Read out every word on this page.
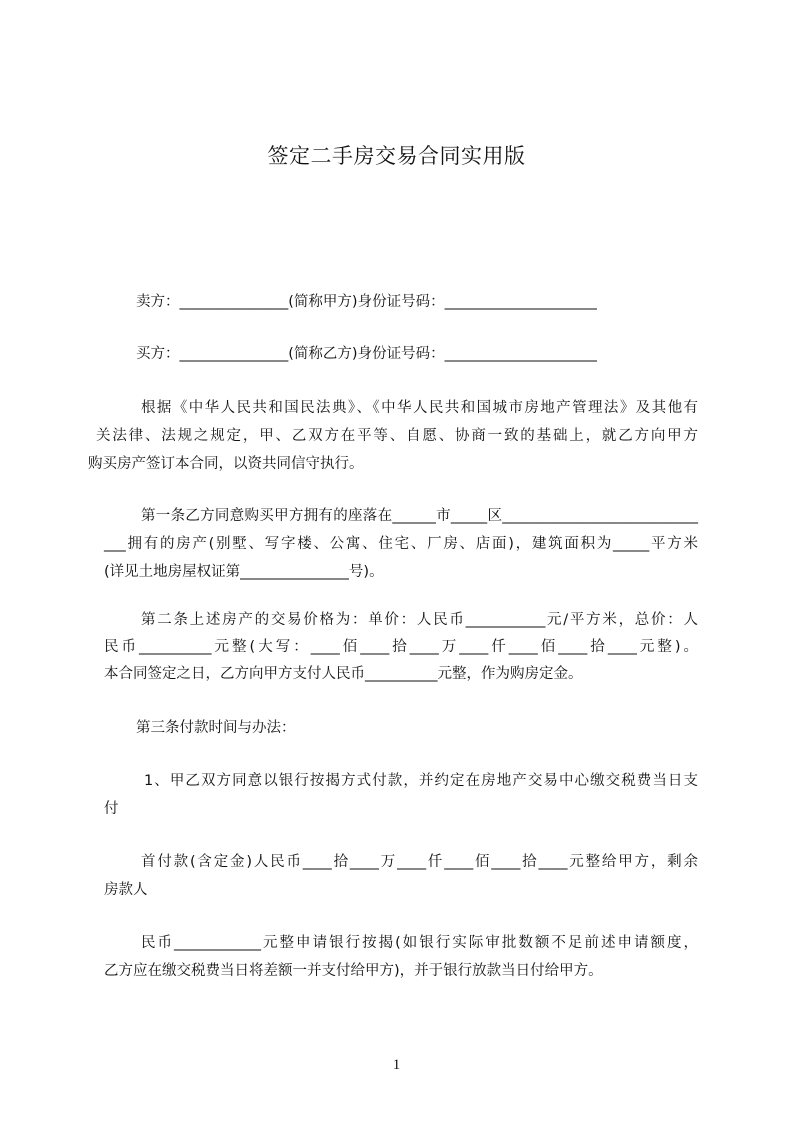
签定二手房交易合同实用版
卖方：_______________(简称甲方)身份证号码：_____________________
买方：_______________(简称乙方)身份证号码：_____________________
根据《中华人民共和国民法典》、《中华人民共和国城市房地产管理法》及其他有
关法律、法规之规定，甲、乙双方在平等、自愿、协商一致的基础上，就乙方向甲方
购买房产签订本合同，以资共同信守执行。
第一条乙方同意购买甲方拥有的座落在______市_____区___________________________
___拥有的房产(别墅、写字楼、公寓、住宅、厂房、店面)，建筑面积为_____平方米
(详见土地房屋权证第_______________号)。
第二条上述房产的交易价格为：单价：人民币___________元/平方米，总价：人
民币__________元整(大写：____佰____拾____万____仟____佰____拾____元整)。
本合同签定之日，乙方向甲方支付人民币__________元整，作为购房定金。
第三条付款时间与办法：
1、甲乙双方同意以银行按揭方式付款，并约定在房地产交易中心缴交税费当日支
付
首付款(含定金)人民币____拾____万____仟____佰____拾____元整给甲方，剩余
房款人
民币____________元整申请银行按揭(如银行实际审批数额不足前述申请额度，
乙方应在缴交税费当日将差额一并支付给甲方)，并于银行放款当日付给甲方。
1
